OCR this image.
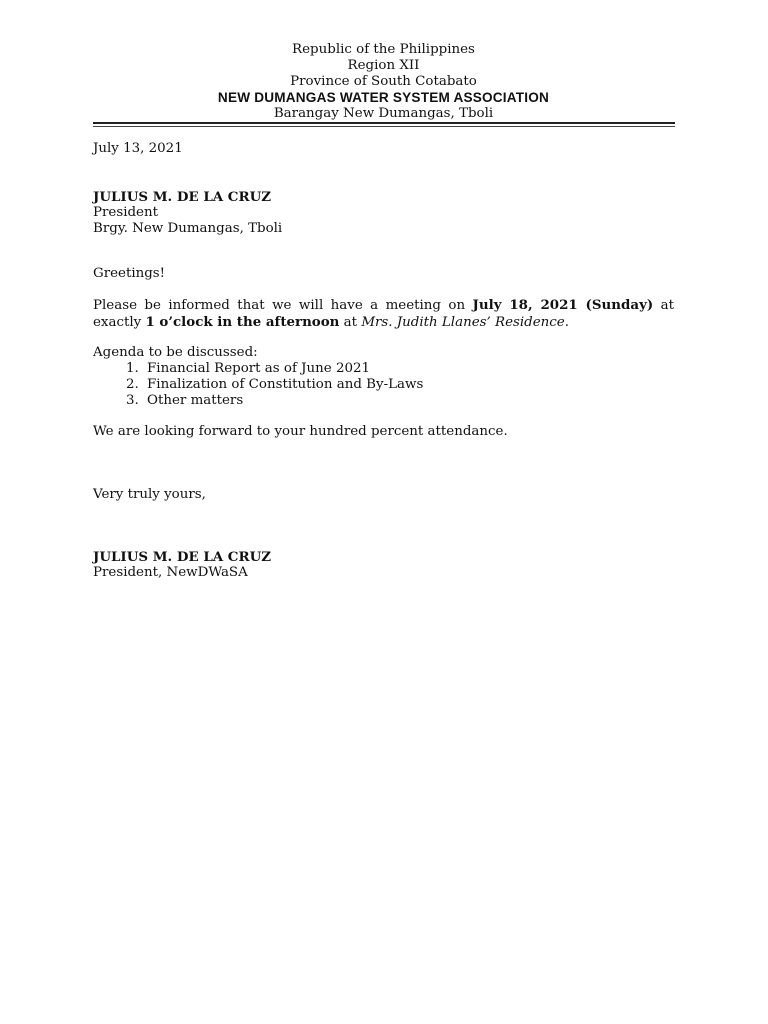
Republic of the Philippines
Region XII
Province of South Cotabato
NEW DUMANGAS WATER SYSTEM ASSOCIATION
Barangay New Dumangas, Tboli
July 13, 2021
JULIUS M. DE LA CRUZ
President
Brgy. New Dumangas, Tboli
Greetings!
Please be informed that we will have a meeting on July 18, 2021 (Sunday) at exactly 1 o’clock in the afternoon at Mrs. Judith Llanes’ Residence.
Agenda to be discussed:
1. Financial Report as of June 2021
2. Finalization of Constitution and By-Laws
3. Other matters
We are looking forward to your hundred percent attendance.
Very truly yours,
JULIUS M. DE LA CRUZ
President, NewDWaSA
